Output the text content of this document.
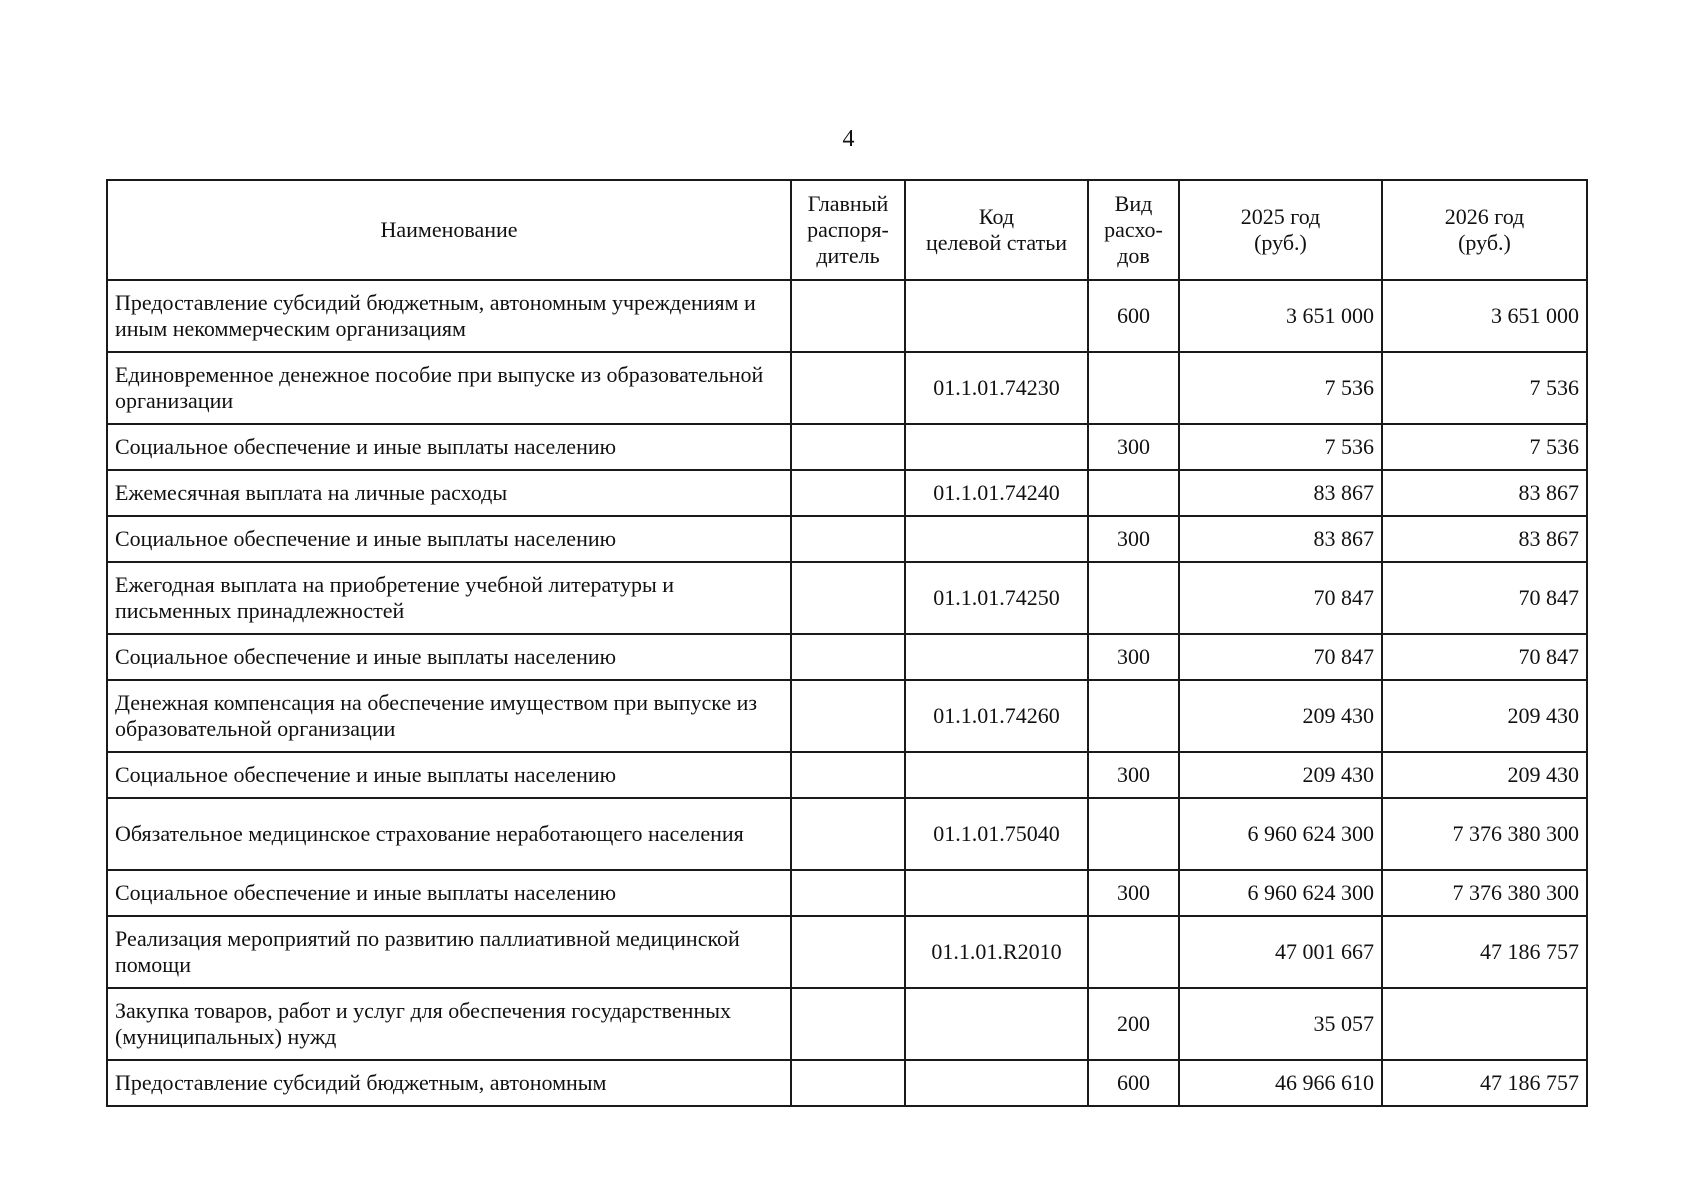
4
Наименование	Главный
распоря-
дитель	Код
целевой статьи	Вид
расхо-
дов	2025 год
(руб.)	2026 год
(руб.)

Предоставление субсидий бюджетным, автономным учреждениям и иным некоммерческим организациям			600	3 651 000	3 651 000
Единовременное денежное пособие при выпуске из образовательной организации		01.1.01.74230		7 536	7 536
Социальное обеспечение и иные выплаты населению			300	7 536	7 536
Ежемесячная выплата на личные расходы		01.1.01.74240		83 867	83 867
Социальное обеспечение и иные выплаты населению			300	83 867	83 867
Ежегодная выплата на приобретение учебной литературы и письменных принадлежностей		01.1.01.74250		70 847	70 847
Социальное обеспечение и иные выплаты населению			300	70 847	70 847
Денежная компенсация на обеспечение имуществом при выпуске из образовательной организации		01.1.01.74260		209 430	209 430
Социальное обеспечение и иные выплаты населению			300	209 430	209 430
Обязательное медицинское страхование неработающего населения		01.1.01.75040		6 960 624 300	7 376 380 300
Социальное обеспечение и иные выплаты населению			300	6 960 624 300	7 376 380 300
Реализация мероприятий по развитию паллиативной медицинской помощи		01.1.01.R2010		47 001 667	47 186 757
Закупка товаров, работ и услуг для обеспечения государственных (муниципальных) нужд			200	35 057	
Предоставление субсидий бюджетным, автономным			600	46 966 610	47 186 757
